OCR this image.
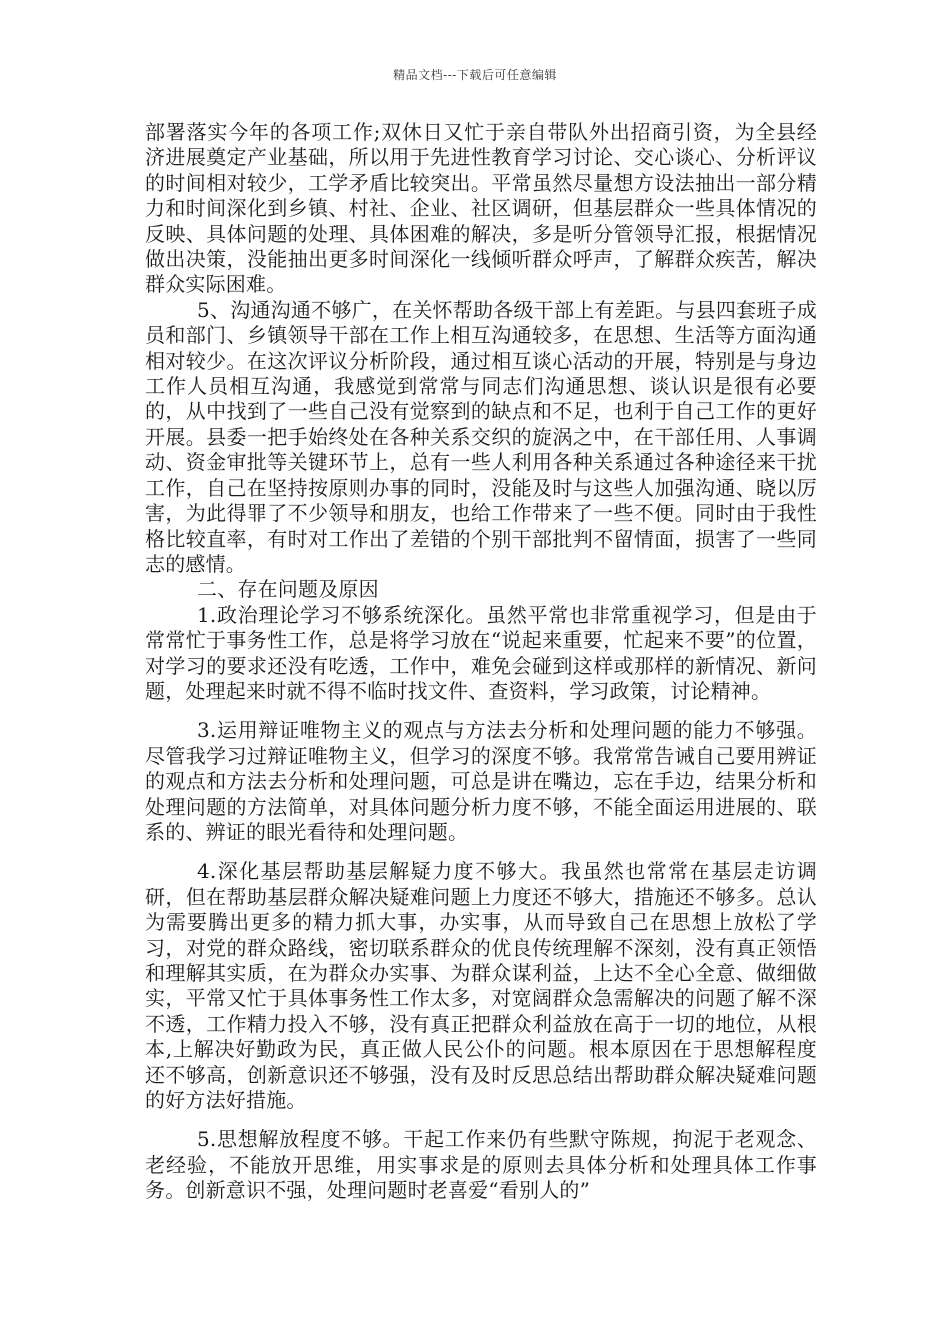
精品文档---下载后可任意编辑

部署落实今年的各项工作;双休日又忙于亲自带队外出招商引资，为全县经济进展奠定产业基础，所以用于先进性教育学习讨论、交心谈心、分析评议的时间相对较少，工学矛盾比较突出。平常虽然尽量想方设法抽出一部分精力和时间深化到乡镇、村社、企业、社区调研，但基层群众一些具体情况的反映、具体问题的处理、具体困难的解决，多是听分管领导汇报，根据情况做出决策，没能抽出更多时间深化一线倾听群众呼声，了解群众疾苦，解决群众实际困难。

5、沟通沟通不够广，在关怀帮助各级干部上有差距。与县四套班子成员和部门、乡镇领导干部在工作上相互沟通较多，在思想、生活等方面沟通相对较少。在这次评议分析阶段，通过相互谈心活动的开展，特别是与身边工作人员相互沟通，我感觉到常常与同志们沟通思想、谈认识是很有必要的，从中找到了一些自己没有觉察到的缺点和不足，也利于自己工作的更好开展。县委一把手始终处在各种关系交织的旋涡之中，在干部任用、人事调动、资金审批等关键环节上，总有一些人利用各种关系通过各种途径来干扰工作，自己在坚持按原则办事的同时，没能及时与这些人加强沟通、晓以厉害，为此得罪了不少领导和朋友，也给工作带来了一些不便。同时由于我性格比较直率，有时对工作出了差错的个别干部批判不留情面，损害了一些同志的感情。

二、存在问题及原因

1.政治理论学习不够系统深化。虽然平常也非常重视学习，但是由于常常忙于事务性工作，总是将学习放在“说起来重要，忙起来不要”的位置，对学习的要求还没有吃透，工作中，难免会碰到这样或那样的新情况、新问题，处理起来时就不得不临时找文件、查资料，学习政策，讨论精神。

3.运用辩证唯物主义的观点与方法去分析和处理问题的能力不够强。尽管我学习过辩证唯物主义，但学习的深度不够。我常常告诫自己要用辨证的观点和方法去分析和处理问题，可总是讲在嘴边，忘在手边，结果分析和处理问题的方法简单，对具体问题分析力度不够，不能全面运用进展的、联系的、辨证的眼光看待和处理问题。

4.深化基层帮助基层解疑力度不够大。我虽然也常常在基层走访调研，但在帮助基层群众解决疑难问题上力度还不够大，措施还不够多。总认为需要腾出更多的精力抓大事，办实事，从而导致自己在思想上放松了学习，对党的群众路线，密切联系群众的优良传统理解不深刻，没有真正领悟和理解其实质，在为群众办实事、为群众谋利益，上达不全心全意、做细做实，平常又忙于具体事务性工作太多，对宽阔群众急需解决的问题了解不深不透，工作精力投入不够，没有真正把群众利益放在高于一切的地位，从根本,上解决好勤政为民，真正做人民公仆的问题。根本原因在于思想解程度还不够高，创新意识还不够强，没有及时反思总结出帮助群众解决疑难问题的好方法好措施。

5.思想解放程度不够。干起工作来仍有些默守陈规，拘泥于老观念、老经验，不能放开思维，用实事求是的原则去具体分析和处理具体工作事务。创新意识不强，处理问题时老喜爱“看别人的”
